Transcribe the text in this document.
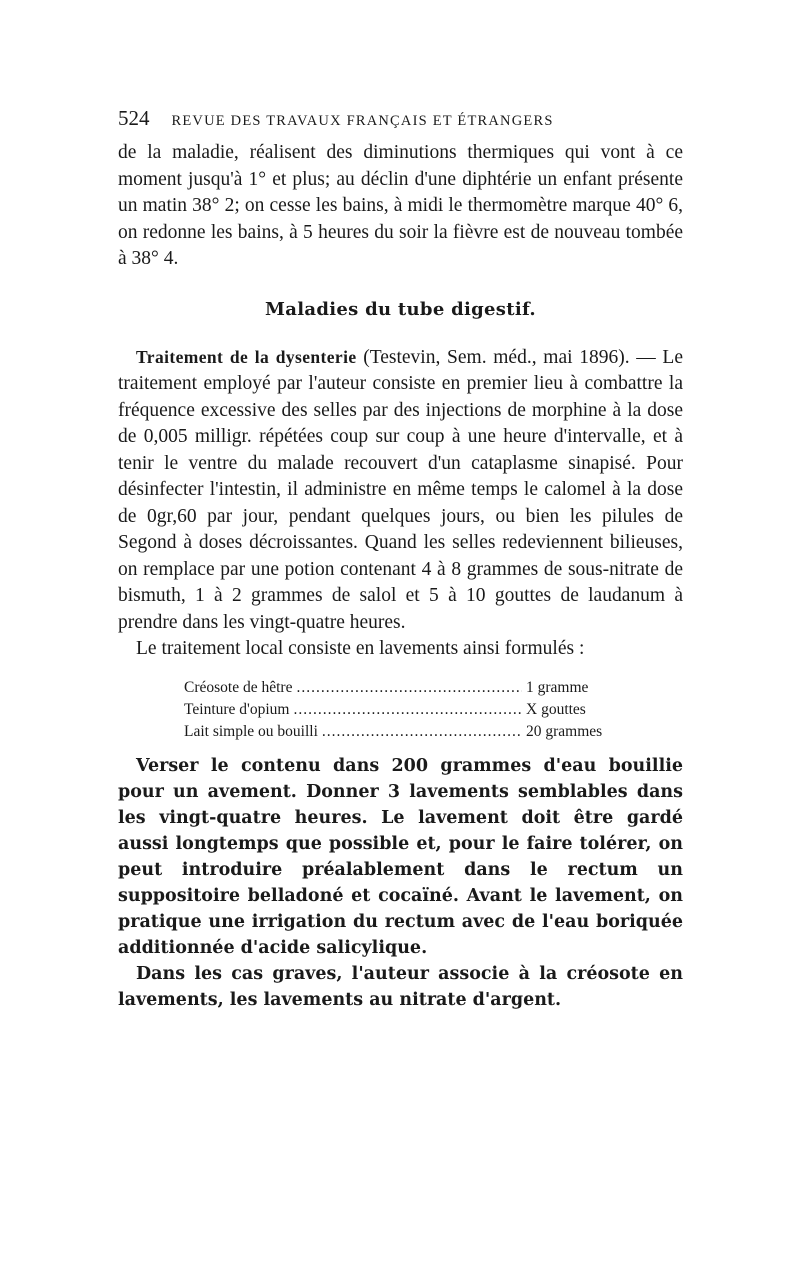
524 REVUE DES TRAVAUX FRANÇAIS ET ÉTRANGERS

de la maladie, réalisent des diminutions thermiques qui vont à ce moment jusqu'à 1° et plus; au déclin d'une diphtérie un enfant présente un matin 38° 2; on cesse les bains, à midi le thermomètre marque 40° 6, on redonne les bains, à 5 heures du soir la fièvre est de nouveau tombée à 38° 4.

Maladies du tube digestif.

Traitement de la dysenterie (Testevin, Sem. méd., mai 1896). — Le traitement employé par l'auteur consiste en premier lieu à combattre la fréquence excessive des selles par des injections de morphine à la dose de 0,005 milligr. répétées coup sur coup à une heure d'intervalle, et à tenir le ventre du malade recouvert d'un cataplasme sinapisé. Pour désinfecter l'intestin, il administre en même temps le calomel à la dose de 0gr,60 par jour, pendant quelques jours, ou bien les pilules de Segond à doses décroissantes. Quand les selles redeviennent bilieuses, on remplace par une potion contenant 4 à 8 grammes de sous-nitrate de bismuth, 1 à 2 grammes de salol et 5 à 10 gouttes de laudanum à prendre dans les vingt-quatre heures.

Le traitement local consiste en lavements ainsi formulés :

Créosote de hêtre .....	1 gramme
Teinture d'opium .....	X gouttes
Lait simple ou bouilli .....	20 grammes

Verser le contenu dans 200 grammes d'eau bouillie pour un avement. Donner 3 lavements semblables dans les vingt-quatre heures. Le lavement doit être gardé aussi longtemps que possible et, pour le faire tolérer, on peut introduire préalablement dans le rectum un suppositoire belladoné et cocaïné. Avant le lavement, on pratique une irrigation du rectum avec de l'eau boriquée additionnée d'acide salicylique.

Dans les cas graves, l'auteur associe à la créosote en lavements, les lavements au nitrate d'argent.
